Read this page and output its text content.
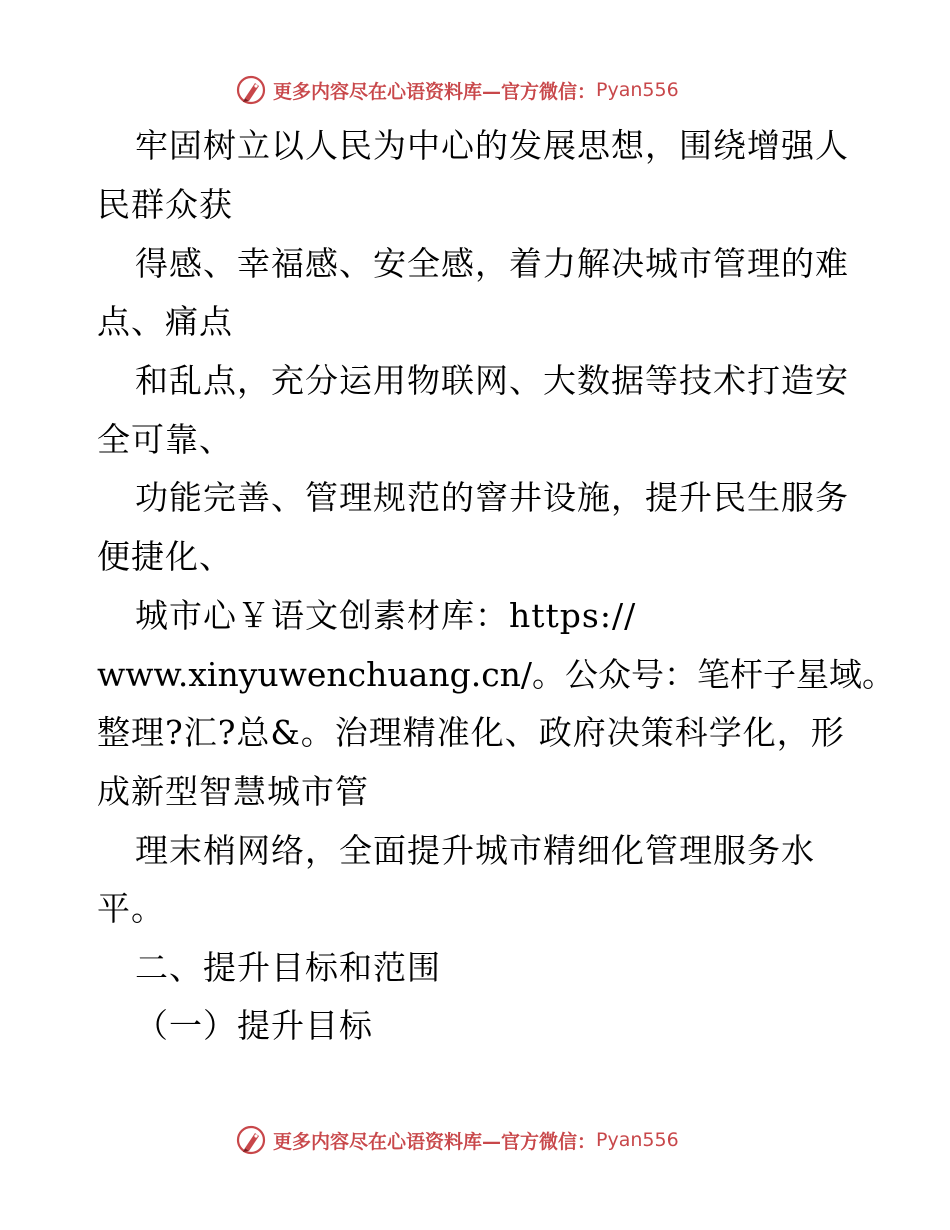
更多内容尽在心语资料库—官方微信： Pyan556
牢固树立以人民为中心的发展思想，围绕增强人
民群众获
得感、幸福感、安全感，着力解决城市管理的难
点、痛点
和乱点，充分运用物联网、大数据等技术打造安
全可靠、
功能完善、管理规范的窨井设施，提升民生服务
便捷化、
城市心￥语文创素材库：https://
www.xinyuwenchuang.cn/。公众号：笔杆子星域。
整理?汇?总&。治理精准化、政府决策科学化，形
成新型智慧城市管
理末梢网络，全面提升城市精细化管理服务水
平。
二、提升目标和范围
（一）提升目标
更多内容尽在心语资料库—官方微信： Pyan556
